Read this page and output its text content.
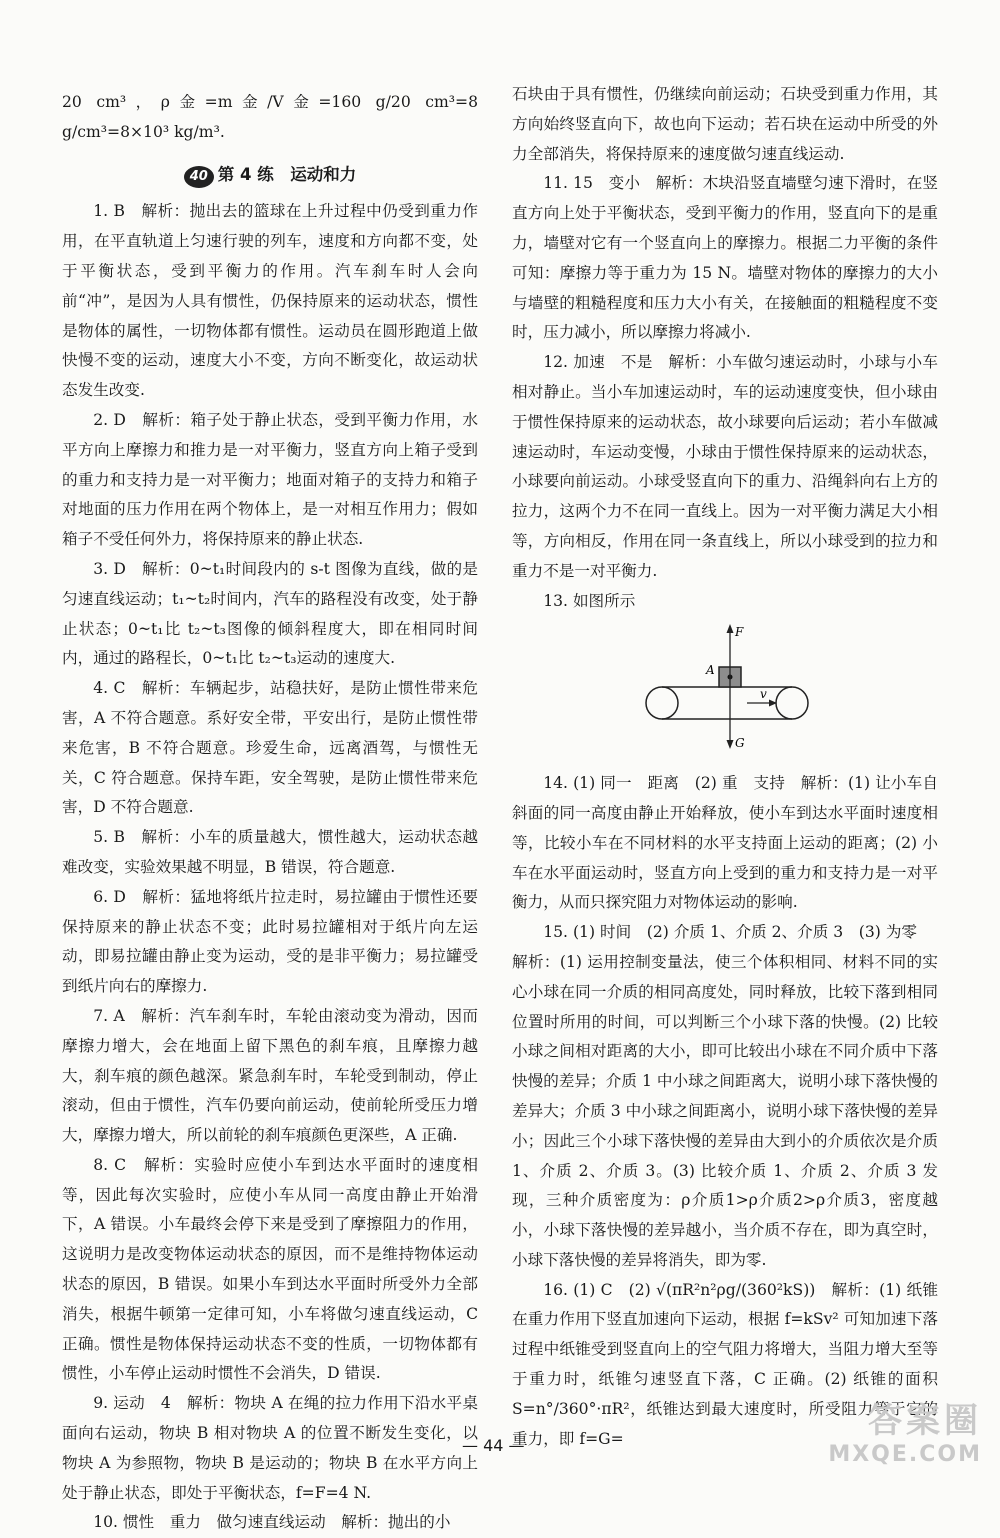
20 cm³，ρ金=m金/V金=160 g/20 cm³=8 g/cm³=8×10³ kg/m³.

40 第 4 练　运动和力

1. B　解析：抛出去的篮球在上升过程中仍受到重力作用，在平直轨道上匀速行驶的列车，速度和方向都不变，处于平衡状态，受到平衡力的作用。汽车刹车时人会向前“冲”，是因为人具有惯性，仍保持原来的运动状态，惯性是物体的属性，一切物体都有惯性。运动员在圆形跑道上做快慢不变的运动，速度大小不变，方向不断变化，故运动状态发生改变.

2. D　解析：箱子处于静止状态，受到平衡力作用，水平方向上摩擦力和推力是一对平衡力，竖直方向上箱子受到的重力和支持力是一对平衡力；地面对箱子的支持力和箱子对地面的压力作用在两个物体上，是一对相互作用力；假如箱子不受任何外力，将保持原来的静止状态.

3. D　解析：0~t₁时间段内的 s-t 图像为直线，做的是匀速直线运动；t₁~t₂时间内，汽车的路程没有改变，处于静止状态；0~t₁比 t₂~t₃图像的倾斜程度大，即在相同时间内，通过的路程长，0~t₁比 t₂~t₃运动的速度大.

4. C　解析：车辆起步，站稳扶好，是防止惯性带来危害，A 不符合题意。系好安全带，平安出行，是防止惯性带来危害，B 不符合题意。珍爱生命，远离酒驾，与惯性无关，C 符合题意。保持车距，安全驾驶，是防止惯性带来危害，D 不符合题意.

5. B　解析：小车的质量越大，惯性越大，运动状态越难改变，实验效果越不明显，B 错误，符合题意.

6. D　解析：猛地将纸片拉走时，易拉罐由于惯性还要保持原来的静止状态不变；此时易拉罐相对于纸片向左运动，即易拉罐由静止变为运动，受的是非平衡力；易拉罐受到纸片向右的摩擦力.

7. A　解析：汽车刹车时，车轮由滚动变为滑动，因而摩擦力增大，会在地面上留下黑色的刹车痕，且摩擦力越大，刹车痕的颜色越深。紧急刹车时，车轮受到制动，停止滚动，但由于惯性，汽车仍要向前运动，使前轮所受压力增大，摩擦力增大，所以前轮的刹车痕颜色更深些，A 正确.

8. C　解析：实验时应使小车到达水平面时的速度相等，因此每次实验时，应使小车从同一高度由静止开始滑下，A 错误。小车最终会停下来是受到了摩擦阻力的作用，这说明力是改变物体运动状态的原因，而不是维持物体运动状态的原因，B 错误。如果小车到达水平面时所受外力全部消失，根据牛顿第一定律可知，小车将做匀速直线运动，C 正确。惯性是物体保持运动状态不变的性质，一切物体都有惯性，小车停止运动时惯性不会消失，D 错误.

9. 运动　4　解析：物块 A 在绳的拉力作用下沿水平桌面向右运动，物块 B 相对物块 A 的位置不断发生变化，以物块 A 为参照物，物块 B 是运动的；物块 B 在水平方向上处于静止状态，即处于平衡状态，f=F=4 N.

10. 惯性　重力　做匀速直线运动　解析：抛出的小

石块由于具有惯性，仍继续向前运动；石块受到重力作用，其方向始终竖直向下，故也向下运动；若石块在运动中所受的外力全部消失，将保持原来的速度做匀速直线运动.

11. 15　变小　解析：木块沿竖直墙壁匀速下滑时，在竖直方向上处于平衡状态，受到平衡力的作用，竖直向下的是重力，墙壁对它有一个竖直向上的摩擦力。根据二力平衡的条件可知：摩擦力等于重力为 15 N。墙壁对物体的摩擦力的大小与墙壁的粗糙程度和压力大小有关，在接触面的粗糙程度不变时，压力减小，所以摩擦力将减小.

12. 加速　不是　解析：小车做匀速运动时，小球与小车相对静止。当小车加速运动时，车的运动速度变快，但小球由于惯性保持原来的运动状态，故小球要向后运动；若小车做减速运动时，车运动变慢，小球由于惯性保持原来的运动状态，小球要向前运动。小球受竖直向下的重力、沿绳斜向右上方的拉力，这两个力不在同一直线上。因为一对平衡力满足大小相等，方向相反，作用在同一条直线上，所以小球受到的拉力和重力不是一对平衡力.

13. 如图所示

F
A
v
G

14. (1) 同一　距离　(2) 重　支持　解析：(1) 让小车自斜面的同一高度由静止开始释放，使小车到达水平面时速度相等，比较小车在不同材料的水平支持面上运动的距离；(2) 小车在水平面运动时，竖直方向上受到的重力和支持力是一对平衡力，从而只探究阻力对物体运动的影响.

15. (1) 时间　(2) 介质 1、介质 2、介质 3　(3) 为零

解析：(1) 运用控制变量法，使三个体积相同、材料不同的实心小球在同一介质的相同高度处，同时释放，比较下落到相同位置时所用的时间，可以判断三个小球下落的快慢。(2) 比较小球之间相对距离的大小，即可比较出小球在不同介质中下落快慢的差异；介质 1 中小球之间距离大，说明小球下落快慢的差异大；介质 3 中小球之间距离小，说明小球下落快慢的差异小；因此三个小球下落快慢的差异由大到小的介质依次是介质 1、介质 2、介质 3。(3) 比较介质 1、介质 2、介质 3 发现，三种介质密度为：ρ介质1>ρ介质2>ρ介质3，密度越小，小球下落快慢的差异越小，当介质不存在，即为真空时，小球下落快慢的差异将消失，即为零.

16. (1) C　(2) √(πR²n²ρg/(360²kS))　解析：(1) 纸锥在重力作用下竖直加速向下运动，根据 f=kSv² 可知加速下落过程中纸锥受到竖直向上的空气阻力将增大，当阻力增大至等于重力时，纸锥匀速竖直下落，C 正确。(2) 纸锥的面积 S=n°/360°·πR²，纸锥达到最大速度时，所受阻力等于它的重力，即 f=G=

— 44 —
答案圈
MXQE.COM
